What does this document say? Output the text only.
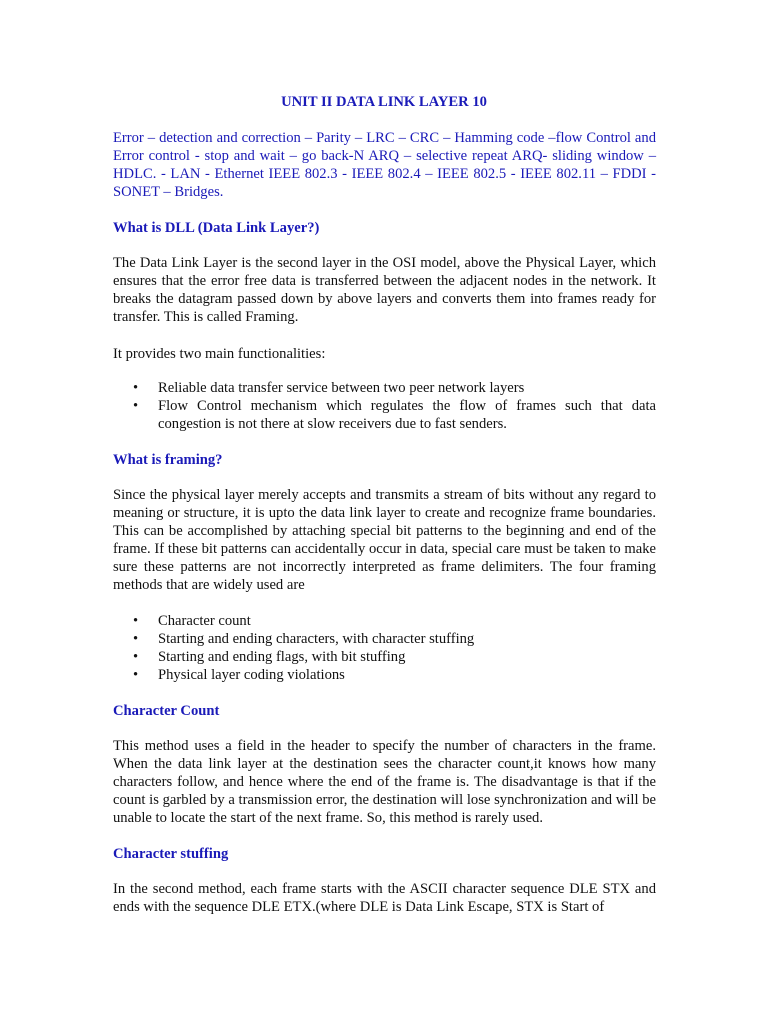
UNIT II DATA LINK LAYER 10

Error – detection and correction – Parity – LRC – CRC – Hamming code –flow Control and Error control - stop and wait – go back-N ARQ – selective repeat ARQ- sliding window – HDLC. - LAN - Ethernet IEEE 802.3 - IEEE 802.4 – IEEE 802.5 - IEEE 802.11 – FDDI - SONET – Bridges.

What is DLL (Data Link Layer?)

The Data Link Layer is the second layer in the OSI model, above the Physical Layer, which ensures that the error free data is transferred between the adjacent nodes in the network. It breaks the datagram passed down by above layers and converts them into frames ready for transfer. This is called Framing.

It provides two main functionalities:

• Reliable data transfer service between two peer network layers
• Flow Control mechanism which regulates the flow of frames such that data congestion is not there at slow receivers due to fast senders.

What is framing?

Since the physical layer merely accepts and transmits a stream of bits without any regard to meaning or structure, it is upto the data link layer to create and recognize frame boundaries. This can be accomplished by attaching special bit patterns to the beginning and end of the frame. If these bit patterns can accidentally occur in data, special care must be taken to make sure these patterns are not incorrectly interpreted as frame delimiters. The four framing methods that are widely used are

• Character count
• Starting and ending characters, with character stuffing
• Starting and ending flags, with bit stuffing
• Physical layer coding violations

Character Count

This method uses a field in the header to specify the number of characters in the frame. When the data link layer at the destination sees the character count,it knows how many characters follow, and hence where the end of the frame is. The disadvantage is that if the count is garbled by a transmission error, the destination will lose synchronization and will be unable to locate the start of the next frame. So, this method is rarely used.

Character stuffing

In the second method, each frame starts with the ASCII character sequence DLE STX and ends with the sequence DLE ETX.(where DLE is Data Link Escape, STX is Start of
